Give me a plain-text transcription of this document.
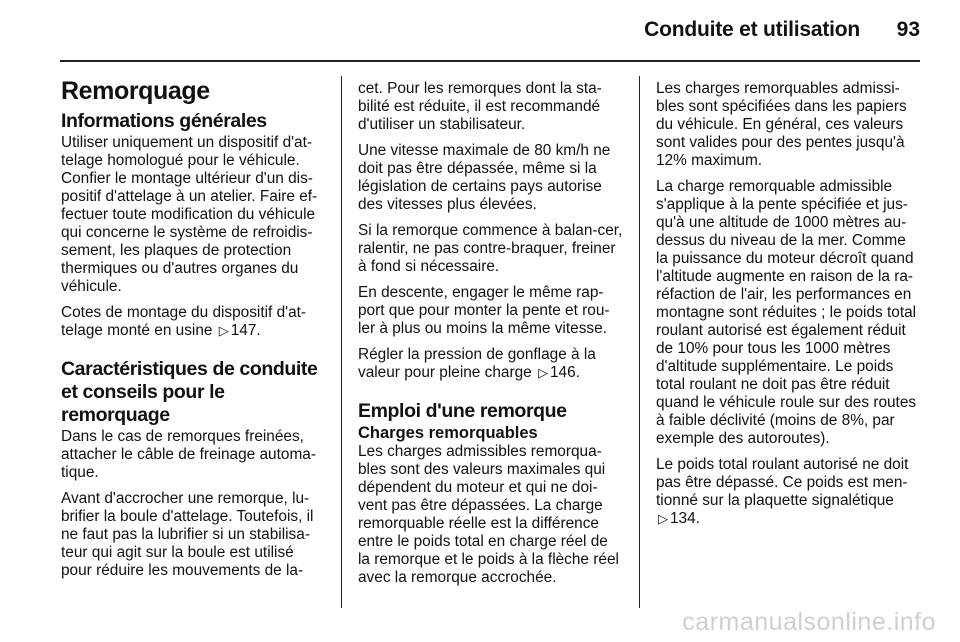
Conduite et utilisation 93
Remorquage
Informations générales

Utiliser uniquement un dispositif d'at-telage homologué pour le véhicule. Confier le montage ultérieur d'un dis-positif d'attelage à un atelier. Faire ef-fectuer toute modification du véhicule qui concerne le système de refroidis-sement, les plaques de protection thermiques ou d'autres organes du véhicule.

Cotes de montage du dispositif d'at-telage monté en usine ▷ 147.

Caractéristiques de conduite et conseils pour le remorquage

Dans le cas de remorques freinées, attacher le câble de freinage automa-tique.

Avant d'accrocher une remorque, lu-brifier la boule d'attelage. Toutefois, il ne faut pas la lubrifier si un stabilisa-teur qui agit sur la boule est utilisé pour réduire les mouvements de la-

cet. Pour les remorques dont la sta-bilité est réduite, il est recommandé d'utiliser un stabilisateur.

Une vitesse maximale de 80 km/h ne doit pas être dépassée, même si la législation de certains pays autorise des vitesses plus élevées.

Si la remorque commence à balan-cer, ralentir, ne pas contre-braquer, freiner à fond si nécessaire.

En descente, engager le même rap-port que pour monter la pente et rou-ler à plus ou moins la même vitesse.

Régler la pression de gonflage à la valeur pour pleine charge ▷ 146.

Emploi d'une remorque
Charges remorquables

Les charges admissibles remorqua-bles sont des valeurs maximales qui dépendent du moteur et qui ne doi-vent pas être dépassées. La charge remorquable réelle est la différence entre le poids total en charge réel de la remorque et le poids à la flèche réel avec la remorque accrochée.

Les charges remorquables admissi-bles sont spécifiées dans les papiers du véhicule. En général, ces valeurs sont valides pour des pentes jusqu'à 12% maximum.

La charge remorquable admissible s'applique à la pente spécifiée et jus-qu'à une altitude de 1000 mètres au-dessus du niveau de la mer. Comme la puissance du moteur décroît quand l'altitude augmente en raison de la ra-réfaction de l'air, les performances en montagne sont réduites ; le poids total roulant autorisé est également réduit de 10% pour tous les 1000 mètres d'altitude supplémentaire. Le poids total roulant ne doit pas être réduit quand le véhicule roule sur des routes à faible déclivité (moins de 8%, par exemple des autoroutes).

Le poids total roulant autorisé ne doit pas être dépassé. Ce poids est men-tionné sur la plaquette signalétique ▷ 134.

carmanualsonline.info
